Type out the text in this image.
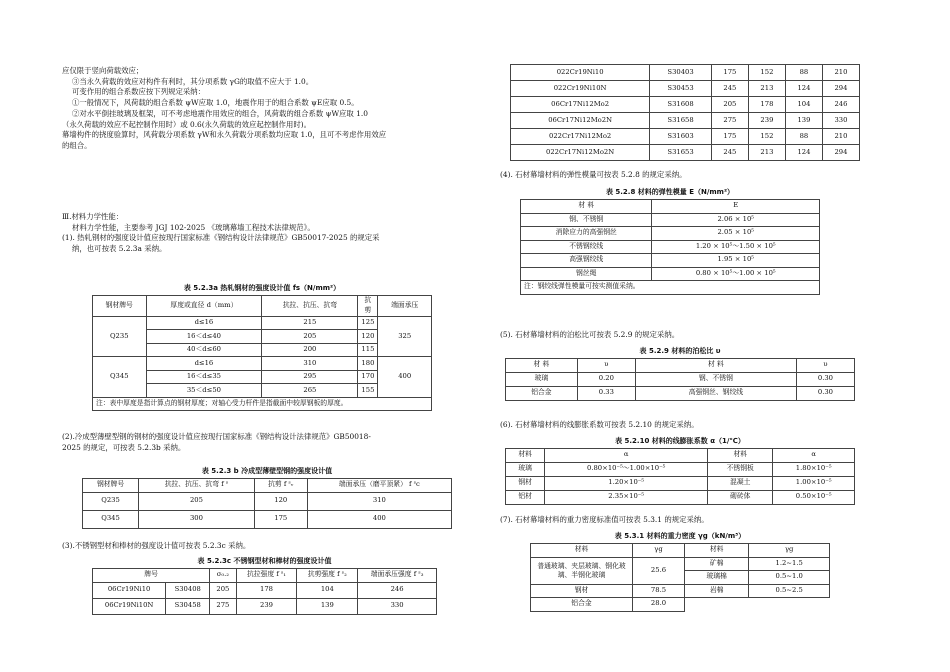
应仅限于竖向荷载效应；

③当永久荷载的效应对构件有利时，其分项系数 γG的取值不应大于 1.0。

可变作用的组合系数应按下列规定采纳：

①一般情况下，风荷载的组合系数 ψW应取 1.0，地震作用于的组合系数 ψE应取 0.5。

②对水平倒挂玻璃及框架，可不考虑地震作用效应的组合，风荷载的组合系数 ψW应取 1.0

（永久荷载的效应不起控制作用时）或 0.6(永久荷载的效应起控制作用时)。

幕墙构件的挠度验算时，风荷载分项系数 γW和永久荷载分项系数均应取 1.0，且可不考虑作用效应

的组合。

Ⅲ.材料力学性能：

材料力学性能，主要参考 JGJ 102-2025 《玻璃幕墙工程技术法律规范》。

(1). 热轧钢材的强度设计值应按现行国家标准《钢结构设计法律规范》GB50017-2025 的规定采

纳，也可按表 5.2.3a 采纳。

表 5.2.3a 热轧钢材的强度设计值 fs（N/mm²）
钢材牌号	厚度或直径 d（mm）	抗拉、抗压、抗弯	抗剪	端面承压
Q235	d≤16	215	125	325
	16＜d≤40	205	120	
	40＜d≤60	200	115	
Q345	d≤16	310	180	400
	16＜d≤35	295	170	
	35＜d≤50	265	155	
注：表中厚度是指计算点的钢材厚度；对轴心受力杆件是指截面中较厚钢板的厚度。				

(2).冷成型薄壁型钢的钢材的强度设计值应按现行国家标准《钢结构设计法律规范》GB50018-

2025 的规定，可按表 5.2.3b 采纳。

表 5.2.3 b 冷成型薄壁型钢的强度设计值
钢材牌号	抗拉、抗压、抗弯 f ˢ	抗剪 f ˢᵥ	端面承压（磨平顶紧） f ˢc
Q235	205	120	310
Q345	300	175	400

(3).不锈钢型材和棒材的强度设计值可按表 5.2.3c 采纳。

表 5.2.3c 不锈钢型材和棒材的强度设计值
牌号		σ₀.₂	抗拉强度 f ˢ₁	抗剪强度 f ˢ₂	端面承压强度 f ˢ₃
06Cr19Ni10	S30408	205	178	104	246
06Cr19Ni10N	S30458	275	239	139	330
022Cr19Ni10	S30403	175	152	88	210
022Cr19Ni10N	S30453	245	213	124	294
06Cr17Ni12Mo2	S31608	205	178	104	246
06Cr17Ni12Mo2N	S31658	275	239	139	330
022Cr17Ni12Mo2	S31603	175	152	88	210
022Cr17Ni12Mo2N	S31653	245	213	124	294

(4). 石材幕墙材料的弹性模量可按表 5.2.8 的规定采纳。

表 5.2.8 材料的弹性模量 E（N/mm²）
材 料	E
钢、不锈钢	2.06 × 10⁵
消除应力的高强钢丝	2.05 × 10⁵
不锈钢绞线	1.20 × 10⁵～1.50 × 10⁵
高强钢绞线	1.95 × 10⁵
钢丝绳	0.80 × 10⁵～1.00 × 10⁵
注：钢绞线弹性模量可按实测值采纳。	

(5). 石材幕墙材料的泊松比可按表 5.2.9 的规定采纳。

表 5.2.9 材料的泊松比 υ
材 料	υ	材 料	υ
玻璃	0.20	钢、不锈钢	0.30
铝合金	0.33	高强钢丝、钢绞线	0.30

(6). 石材幕墙材料的线膨胀系数可按表 5.2.10 的规定采纳。

表 5.2.10 材料的线膨胀系数 α（1/℃）
材料	α	材料	α
玻璃	0.80×10⁻⁵～1.00×10⁻⁵	不锈钢板	1.80×10⁻⁵
钢材	1.20×10⁻⁵	混凝土	1.00×10⁻⁵
铝材	2.35×10⁻⁵	砌砖体	0.50×10⁻⁵

(7). 石材幕墙材料的重力密度标准值可按表 5.3.1 的规定采纳。

表 5.3.1 材料的重力密度 γg（kN/m³）
材料	γg	材料	γg
普通玻璃、夹层玻璃、钢化玻璃、半钢化玻璃	25.6	矿棉	1.2~1.5
		玻璃棉	0.5~1.0
钢材	78.5	岩棉	0.5~2.5
铝合金	28.0		
